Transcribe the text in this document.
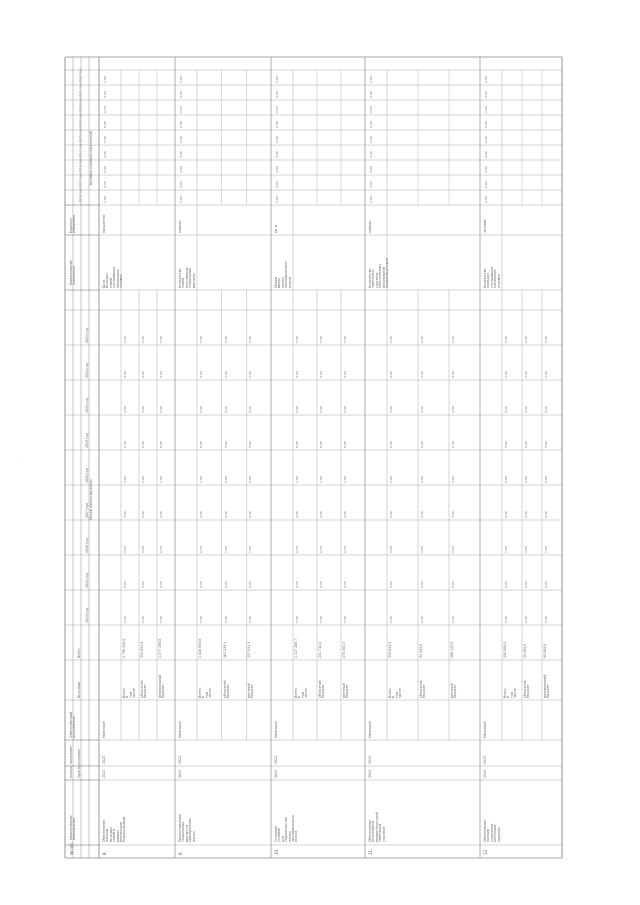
№ п/п
Наименование мероприятия
начало
окончание Срок исполнения
Ответственный исполнитель
Объем финансирования
Источник
Всего
Наименование показателя
Единица измерения
Целевые значения показателей
2014 год
2015 год
2016 год
2017 год
2018 год
2019 год
2020 год
2021 год
2022 год
2014 год
2015 год
2016 год
2017 год
2018 год
2019 год
2020 год
2021 год
2022 год
8.
Обеспечение жильем молодых семей в рамках реализации подпрограммы
2014
2022
Минстрой
Всего, в том числе
1 706 289,0
0,00
0,00
0,00
0,00
0,00
0,00
0,00
0,00
0,00
областной бюджет
353 653,8
0,00
0,00
0,00
0,00
0,00
0,00
0,00
0,00
0,00
федеральный бюджет
1 077 298,8
0,00
0,00
0,00
0,00
0,00
0,00
0,00
0,00
0,00
Доля молодых семей, улучшивших жилищные условия
процентов
0,00
0,00
0,00
0,00
0,00
0,00
0,00
0,00
0,00
9.
Предоставление социальных выплат на приобретение жилья
2014
2022
Минстрой
Всего, в том числе
1 016 893,6
0,00
0,00
0,00
0,00
0,00
0,00
0,00
0,00
0,00
областной бюджет
161 539,1
0,00
0,00
0,00
0,00
0,00
0,00
0,00
0,00
0,00
местный бюджет
257 031,3
0,00
0,00
0,00
0,00
0,00
0,00
0,00
0,00
0,00
Количество семей, получивших социальные выплаты
единиц
0,00
0,00
0,00
0,00
0,00
0,00
0,00
0,00
0,00
10.
Создание условий для строительства жилья экономического класса
2014
2022
Минстрой
Всего, в том числе
1 127 268,7
0,00
0,00
0,00
0,00
0,00
0,00
0,00
0,00
0,00
областной бюджет
241 714,0
0,00
0,00
0,00
0,00
0,00
0,00
0,00
0,00
0,00
местный бюджет
470 482,0
0,00
0,00
0,00
0,00
0,00
0,00
0,00
0,00
0,00
Объем ввода жилья экономического класса
кв. м
0,00
0,00
0,00
0,00
0,00
0,00
0,00
0,00
0,00
11.
Обеспечение инженерной инфраструктурой земельных участков
2014
2022
Минстрой
Всего, в том числе
359 843,5
0,00
0,00
0,00
0,00
0,00
0,00
0,00
0,00
0,00
областной бюджет
91 945,6
0,00
0,00
0,00
0,00
0,00
0,00
0,00
0,00
0,00
местный бюджет
168 422,0
0,00
0,00
0,00
0,00
0,00
0,00
0,00
0,00
0,00
Количество земельных участков, обеспеченных инженерной инфраструктурой
единиц
0,00
0,00
0,00
0,00
0,00
0,00
0,00
0,00
0,00
12.
Обеспечение жильем отдельных категорий граждан
2014
2022
Минстрой
Всего, в том числе
100 000,0
0,00
0,00
0,00
0,00
0,00
0,00
0,00
0,00
0,00
областной бюджет
20 000,0
0,00
0,00
0,00
0,00
0,00
0,00
0,00
0,00
0,00
федеральный бюджет
80 000,0
0,00
0,00
0,00
0,00
0,00
0,00
0,00
0,00
0,00
Количество граждан, улучшивших жилищные условия
человек
0,00
0,00
0,00
0,00
0,00
0,00
0,00
0,00
0,00
-
